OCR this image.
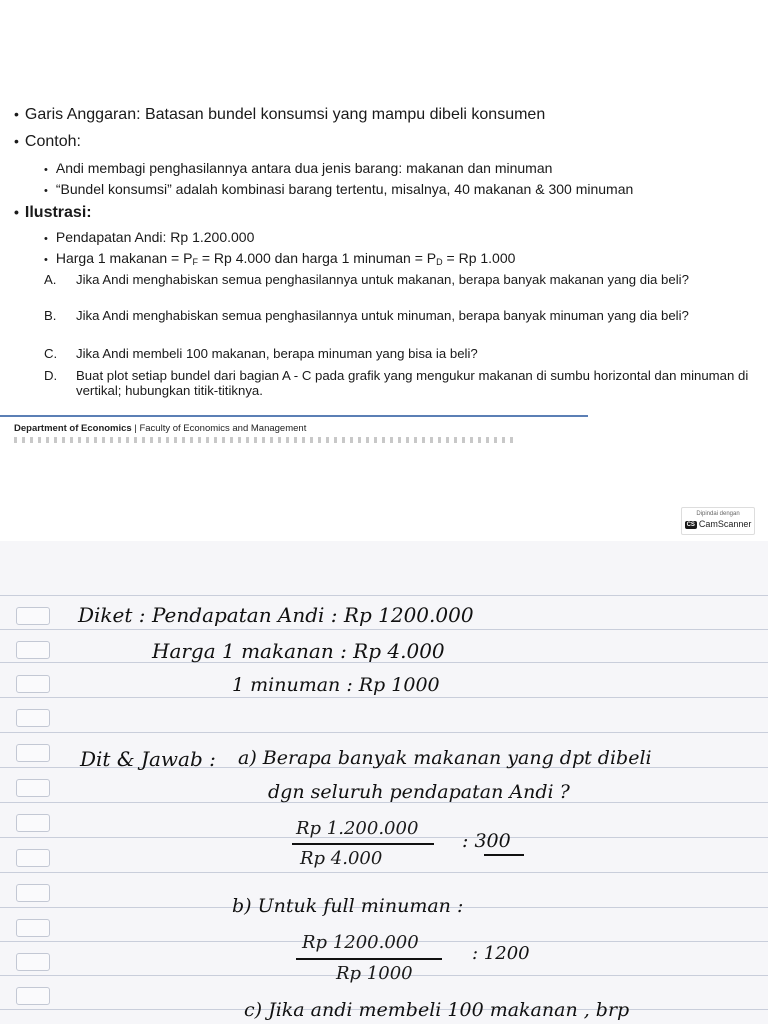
• Garis Anggaran: Batasan bundel konsumsi yang mampu dibeli konsumen
• Contoh:
• Andi membagi penghasilannya antara dua jenis barang: makanan dan minuman
• “Bundel konsumsi” adalah kombinasi barang tertentu, misalnya, 40 makanan & 300 minuman
• Ilustrasi:
• Pendapatan Andi: Rp 1.200.000
• Harga 1 makanan = $P_F = Rp$ 4.000 dan harga 1 minuman = $P_D = Rp$ 1.000
A. Jika Andi menghabiskan semua penghasilannya untuk makanan, berapa banyak makanan yang dia beli?
B. Jika Andi menghabiskan semua penghasilannya untuk minuman, berapa banyak minuman yang dia beli?
C. Jika Andi membeli 100 makanan, berapa minuman yang bisa ia beli?
D. Buat plot setiap bundel dari bagian A - C pada grafik yang mengukur makanan di sumbu horizontal dan minuman di vertikal; hubungkan titik-titiknya.
Department of Economics | Faculty of Economics and Management
Dipindai dengan
CS CamScanner
Diket : Pendapatan Andi : Rp 1200.000
Harga 1 makanan : Rp 4.000
1 minuman : Rp 1000
Dit & Jawab : a) Berapa banyak makanan yang dpt dibeli
dgn seluruh pendapatan Andi ?
Rp 1.200.000
Rp 4.000
: 300
b) Untuk full minuman :
Rp 1200.000
Rp 1000
: 1200
c) Jika andi membeli 100 makanan , brp
